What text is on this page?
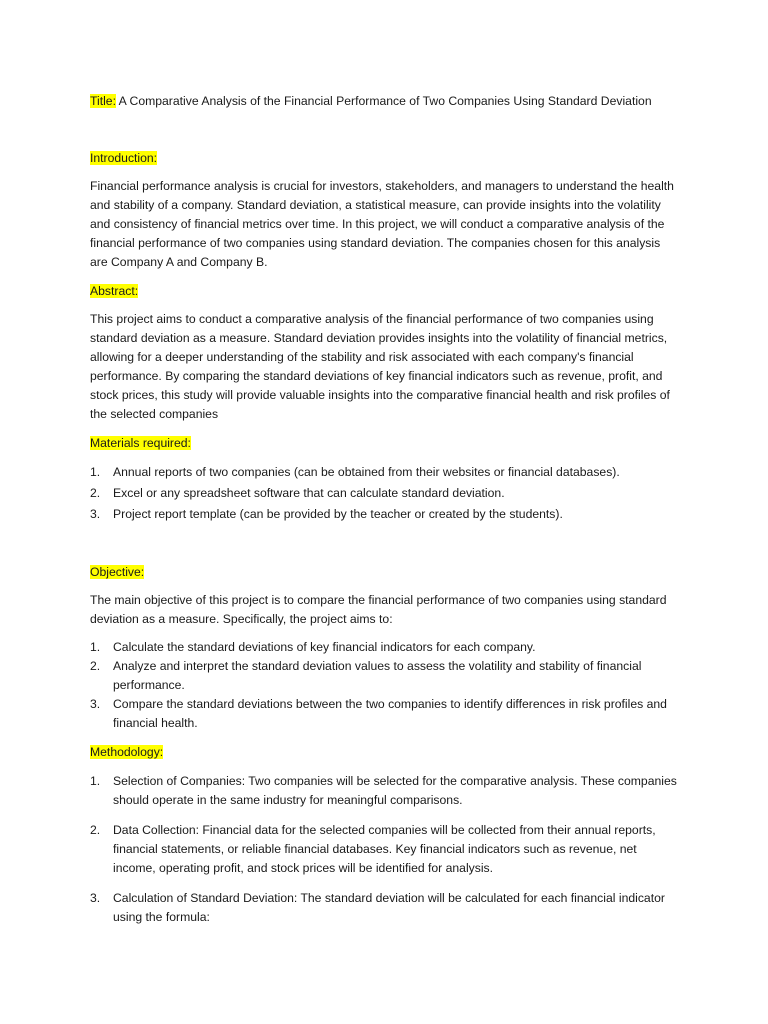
Title: A Comparative Analysis of the Financial Performance of Two Companies Using Standard Deviation

Introduction:

Financial performance analysis is crucial for investors, stakeholders, and managers to understand the health and stability of a company. Standard deviation, a statistical measure, can provide insights into the volatility and consistency of financial metrics over time. In this project, we will conduct a comparative analysis of the financial performance of two companies using standard deviation. The companies chosen for this analysis are Company A and Company B.

Abstract:

This project aims to conduct a comparative analysis of the financial performance of two companies using standard deviation as a measure. Standard deviation provides insights into the volatility of financial metrics, allowing for a deeper understanding of the stability and risk associated with each company's financial performance. By comparing the standard deviations of key financial indicators such as revenue, profit, and stock prices, this study will provide valuable insights into the comparative financial health and risk profiles of the selected companies

Materials required:

1. Annual reports of two companies (can be obtained from their websites or financial databases).
2. Excel or any spreadsheet software that can calculate standard deviation.
3. Project report template (can be provided by the teacher or created by the students).

Objective:

The main objective of this project is to compare the financial performance of two companies using standard deviation as a measure. Specifically, the project aims to:

1. Calculate the standard deviations of key financial indicators for each company.
2. Analyze and interpret the standard deviation values to assess the volatility and stability of financial performance.
3. Compare the standard deviations between the two companies to identify differences in risk profiles and financial health.

Methodology:

1. Selection of Companies: Two companies will be selected for the comparative analysis. These companies should operate in the same industry for meaningful comparisons.
2. Data Collection: Financial data for the selected companies will be collected from their annual reports, financial statements, or reliable financial databases. Key financial indicators such as revenue, net income, operating profit, and stock prices will be identified for analysis.
3. Calculation of Standard Deviation: The standard deviation will be calculated for each financial indicator using the formula:
